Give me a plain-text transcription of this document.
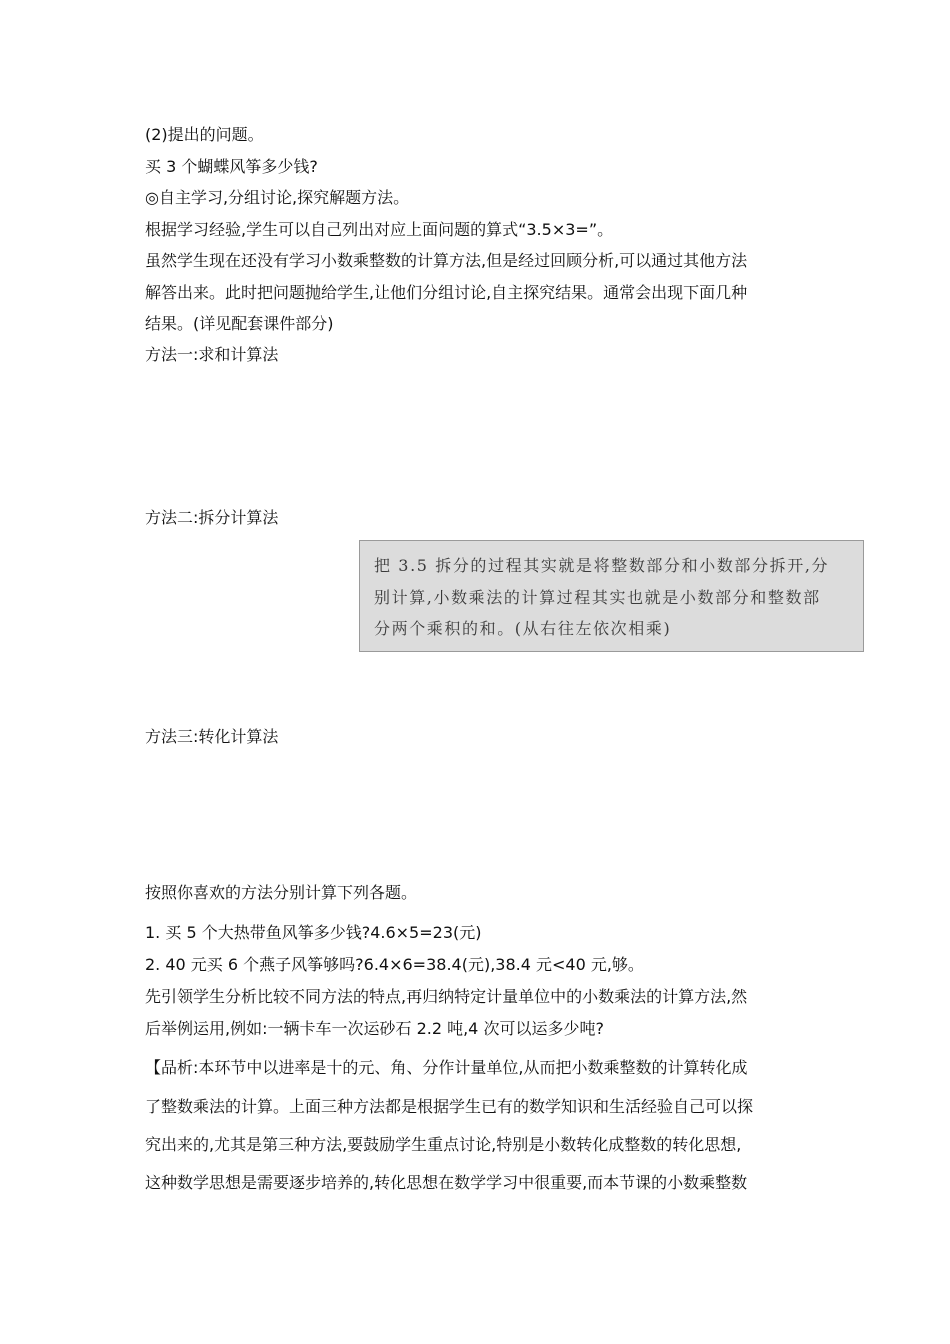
(2)提出的问题。
买 3 个蝴蝶风筝多少钱?
◎自主学习,分组讨论,探究解题方法。
根据学习经验,学生可以自己列出对应上面问题的算式“3.5×3=”。
虽然学生现在还没有学习小数乘整数的计算方法,但是经过回顾分析,可以通过其他方法
解答出来。此时把问题抛给学生,让他们分组讨论,自主探究结果。通常会出现下面几种
结果。(详见配套课件部分)
方法一:求和计算法
方法二:拆分计算法
把 3.5 拆分的过程其实就是将整数部分和小数部分拆开,分
别计算,小数乘法的计算过程其实也就是小数部分和整数部
分两个乘积的和。(从右往左依次相乘)
方法三:转化计算法
按照你喜欢的方法分别计算下列各题。
1. 买 5 个大热带鱼风筝多少钱?4.6×5=23(元)
2. 40 元买 6 个燕子风筝够吗?6.4×6=38.4(元),38.4 元<40 元,够。
先引领学生分析比较不同方法的特点,再归纳特定计量单位中的小数乘法的计算方法,然
后举例运用,例如:一辆卡车一次运砂石 2.2 吨,4 次可以运多少吨?
【品析:本环节中以进率是十的元、角、分作计量单位,从而把小数乘整数的计算转化成
了整数乘法的计算。上面三种方法都是根据学生已有的数学知识和生活经验自己可以探
究出来的,尤其是第三种方法,要鼓励学生重点讨论,特别是小数转化成整数的转化思想,
这种数学思想是需要逐步培养的,转化思想在数学学习中很重要,而本节课的小数乘整数
